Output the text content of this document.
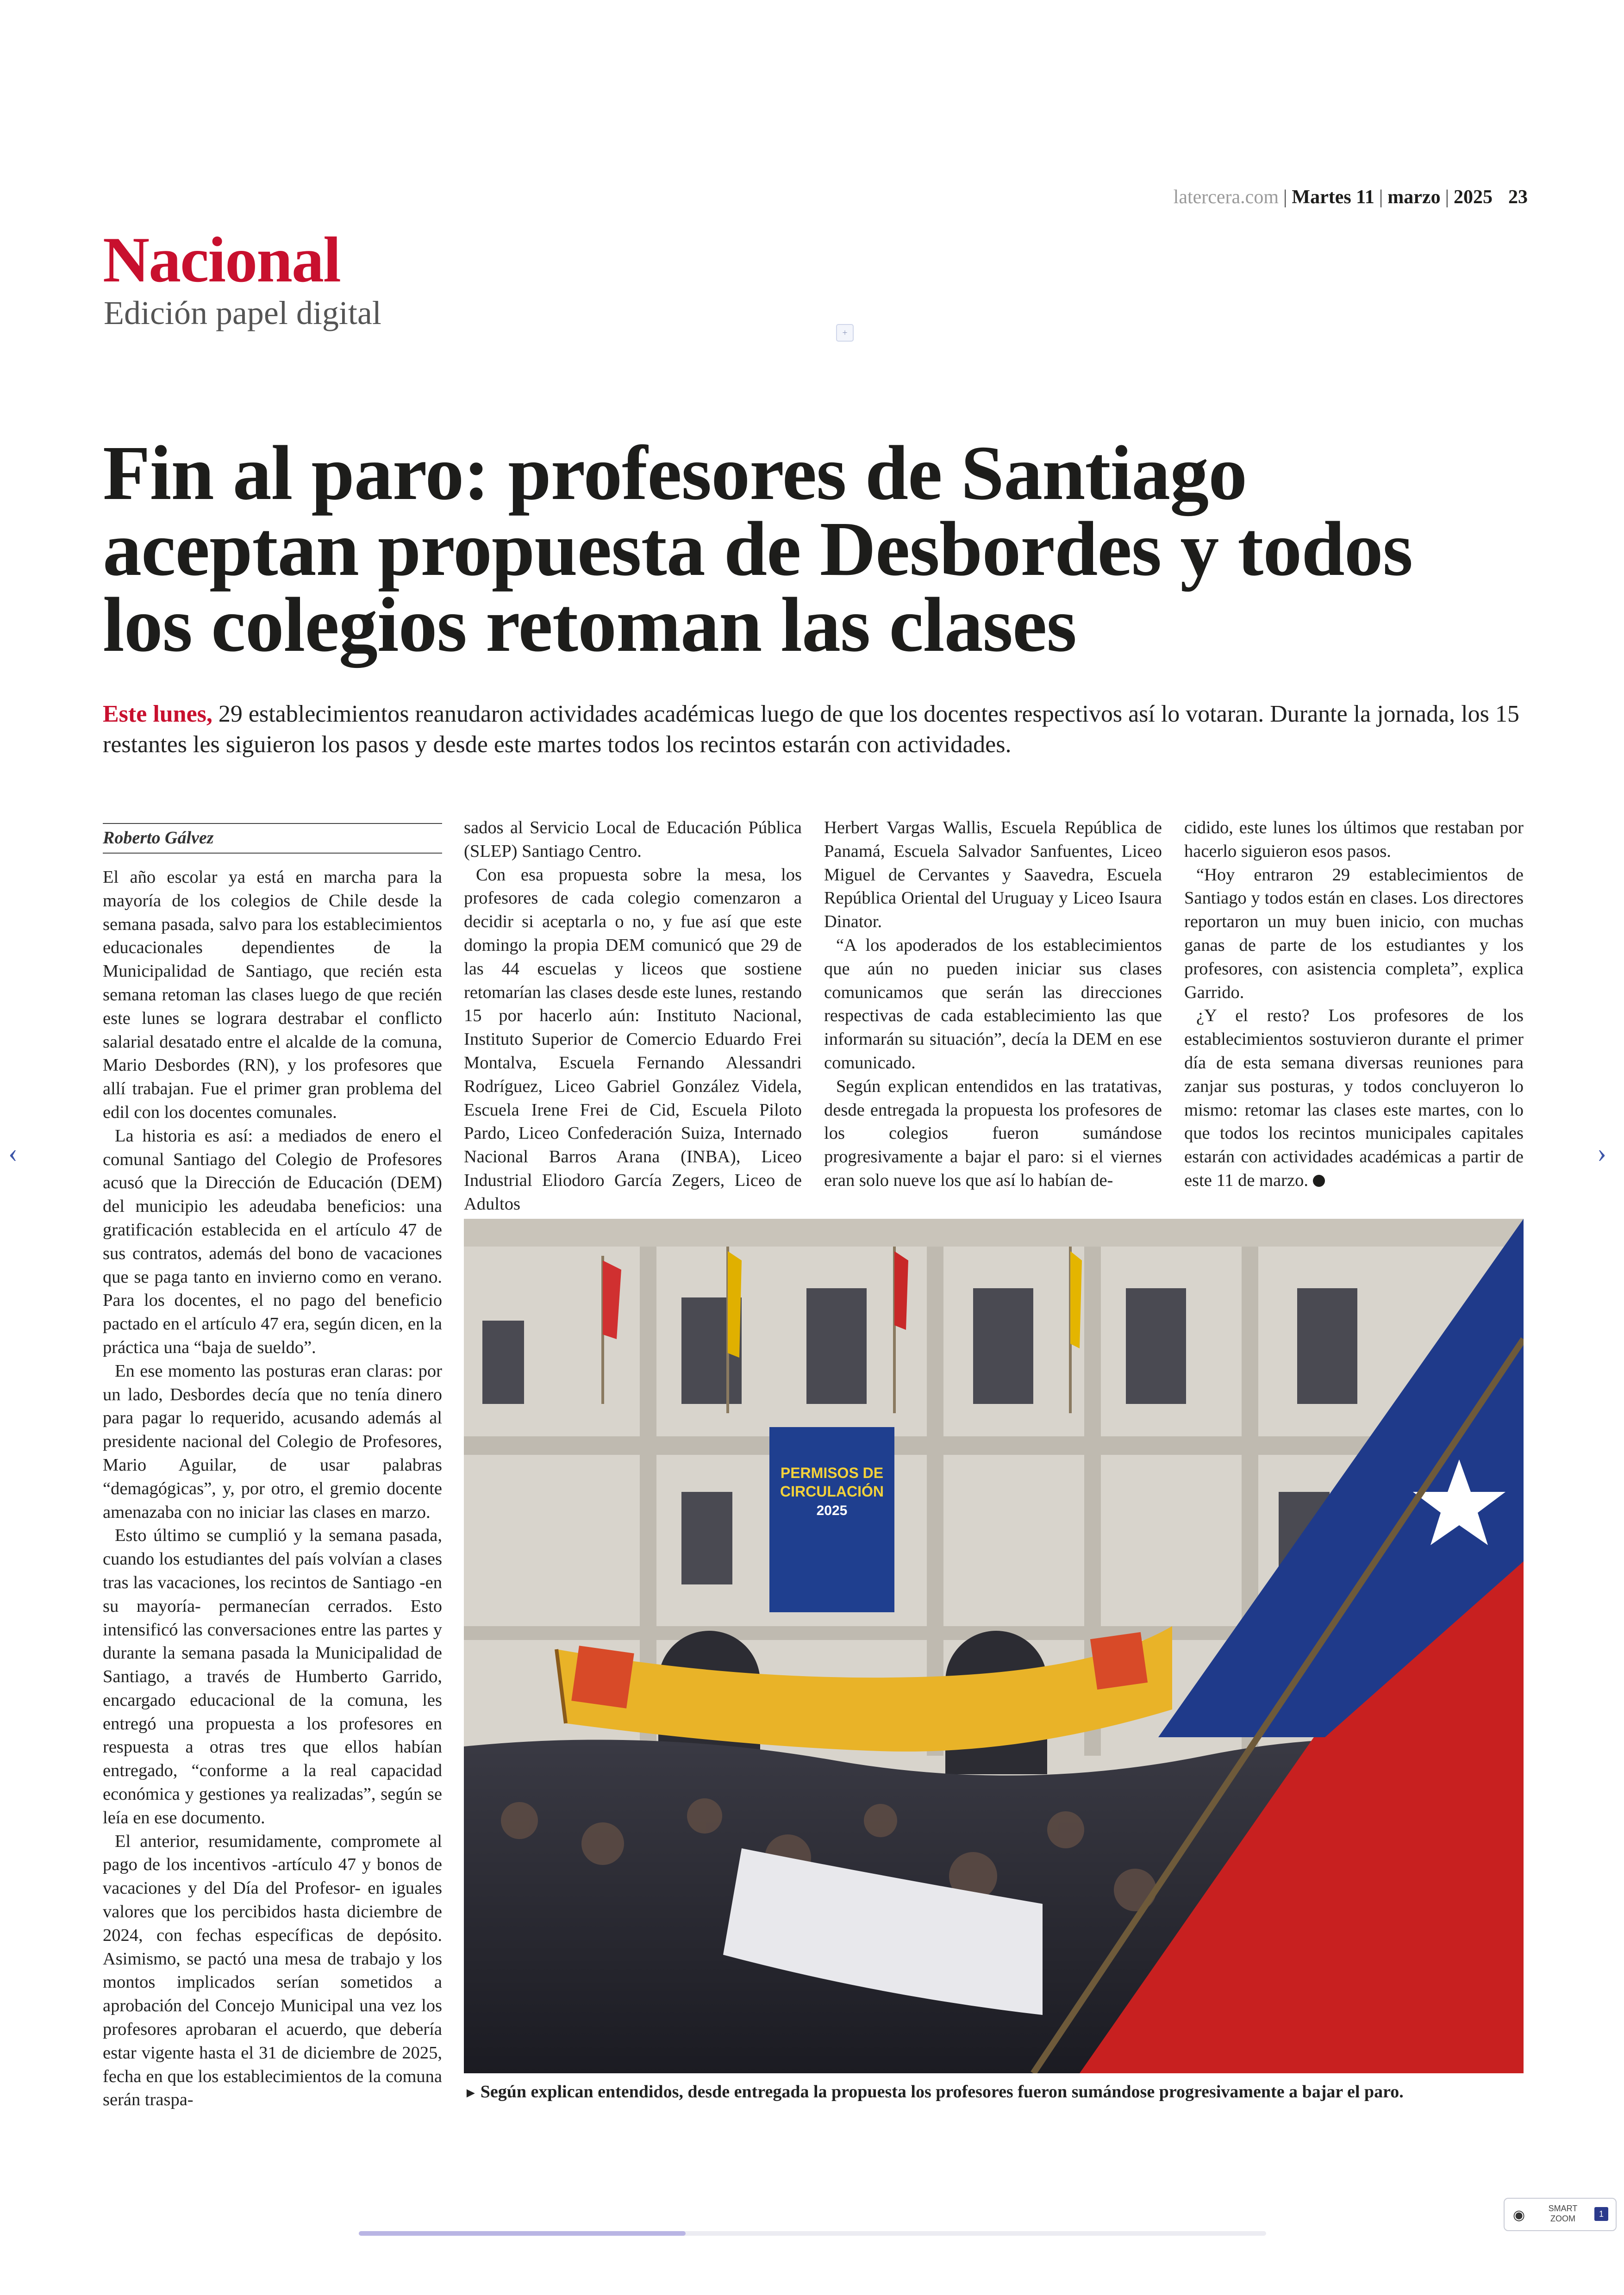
latercera.com | Martes 11 | marzo | 2025 23
Nacional
Edición papel digital
+
Fin al paro: profesores de Santiago aceptan propuesta de Desbordes y todos los colegios retoman las clases
Este lunes, 29 establecimientos reanudaron actividades académicas luego de que los docentes respectivos así lo votaran. Durante la jornada, los 15 restantes les siguieron los pasos y desde este martes todos los recintos estarán con actividades.
Roberto Gálvez

El año escolar ya está en marcha para la mayoría de los colegios de Chile desde la semana pasada, salvo para los establecimientos educacionales dependientes de la Municipalidad de Santiago, que recién esta semana retoman las clases luego de que recién este lunes se lograra destrabar el conflicto salarial desatado entre el alcalde de la comuna, Mario Desbordes (RN), y los profesores que allí trabajan. Fue el primer gran problema del edil con los docentes comunales.

La historia es así: a mediados de enero el comunal Santiago del Colegio de Profesores acusó que la Dirección de Educación (DEM) del municipio les adeudaba beneficios: una gratificación establecida en el artículo 47 de sus contratos, además del bono de vacaciones que se paga tanto en invierno como en verano. Para los docentes, el no pago del beneficio pactado en el artículo 47 era, según dicen, en la práctica una “baja de sueldo”.

En ese momento las posturas eran claras: por un lado, Desbordes decía que no tenía dinero para pagar lo requerido, acusando además al presidente nacional del Colegio de Profesores, Mario Aguilar, de usar palabras “demagógicas”, y, por otro, el gremio docente amenazaba con no iniciar las clases en marzo.

Esto último se cumplió y la semana pasada, cuando los estudiantes del país volvían a clases tras las vacaciones, los recintos de Santiago -en su mayoría- permanecían cerrados. Esto intensificó las conversaciones entre las partes y durante la semana pasada la Municipalidad de Santiago, a través de Humberto Garrido, encargado educacional de la comuna, les entregó una propuesta a los profesores en respuesta a otras tres que ellos habían entregado, “conforme a la real capacidad económica y gestiones ya realizadas”, según se leía en ese documento.

El anterior, resumidamente, compromete al pago de los incentivos -artículo 47 y bonos de vacaciones y del Día del Profesor- en iguales valores que los percibidos hasta diciembre de 2024, con fechas específicas de depósito. Asimismo, se pactó una mesa de trabajo y los montos implicados serían sometidos a aprobación del Concejo Municipal una vez los profesores aprobaran el acuerdo, que debería estar vigente hasta el 31 de diciembre de 2025, fecha en que los establecimientos de la comuna serán traspa-

sados al Servicio Local de Educación Pública (SLEP) Santiago Centro.

Con esa propuesta sobre la mesa, los profesores de cada colegio comenzaron a decidir si aceptarla o no, y fue así que este domingo la propia DEM comunicó que 29 de las 44 escuelas y liceos que sostiene retomarían las clases desde este lunes, restando 15 por hacerlo aún: Instituto Nacional, Instituto Superior de Comercio Eduardo Frei Montalva, Escuela Fernando Alessandri Rodríguez, Liceo Gabriel González Videla, Escuela Irene Frei de Cid, Escuela Piloto Pardo, Liceo Confederación Suiza, Internado Nacional Barros Arana (INBA), Liceo Industrial Eliodoro García Zegers, Liceo de Adultos

Herbert Vargas Wallis, Escuela República de Panamá, Escuela Salvador Sanfuentes, Liceo Miguel de Cervantes y Saavedra, Escuela República Oriental del Uruguay y Liceo Isaura Dinator.

“A los apoderados de los establecimientos que aún no pueden iniciar sus clases comunicamos que serán las direcciones respectivas de cada establecimiento las que informarán su situación”, decía la DEM en ese comunicado.

Según explican entendidos en las tratativas, desde entregada la propuesta los profesores de los colegios fueron sumándose progresivamente a bajar el paro: si el viernes eran solo nueve los que así lo habían de-

cidido, este lunes los últimos que restaban por hacerlo siguieron esos pasos.

“Hoy entraron 29 establecimientos de Santiago y todos están en clases. Los directores reportaron un muy buen inicio, con muchas ganas de parte de los estudiantes y los profesores, con asistencia completa”, explica Garrido.

¿Y el resto? Los profesores de los establecimientos sostuvieron durante el primer día de esta semana diversas reuniones para zanjar sus posturas, y todos concluyeron lo mismo: retomar las clases este martes, con lo que todos los recintos municipales capitales estarán con actividades académicas a partir de este 11 de marzo.

PERMISOS DE
CIRCULACIÓN
2025
► Según explican entendidos, desde entregada la propuesta los profesores fueron sumándose progresivamente a bajar el paro.
‹	›
◉	SMART
ZOOM	1
